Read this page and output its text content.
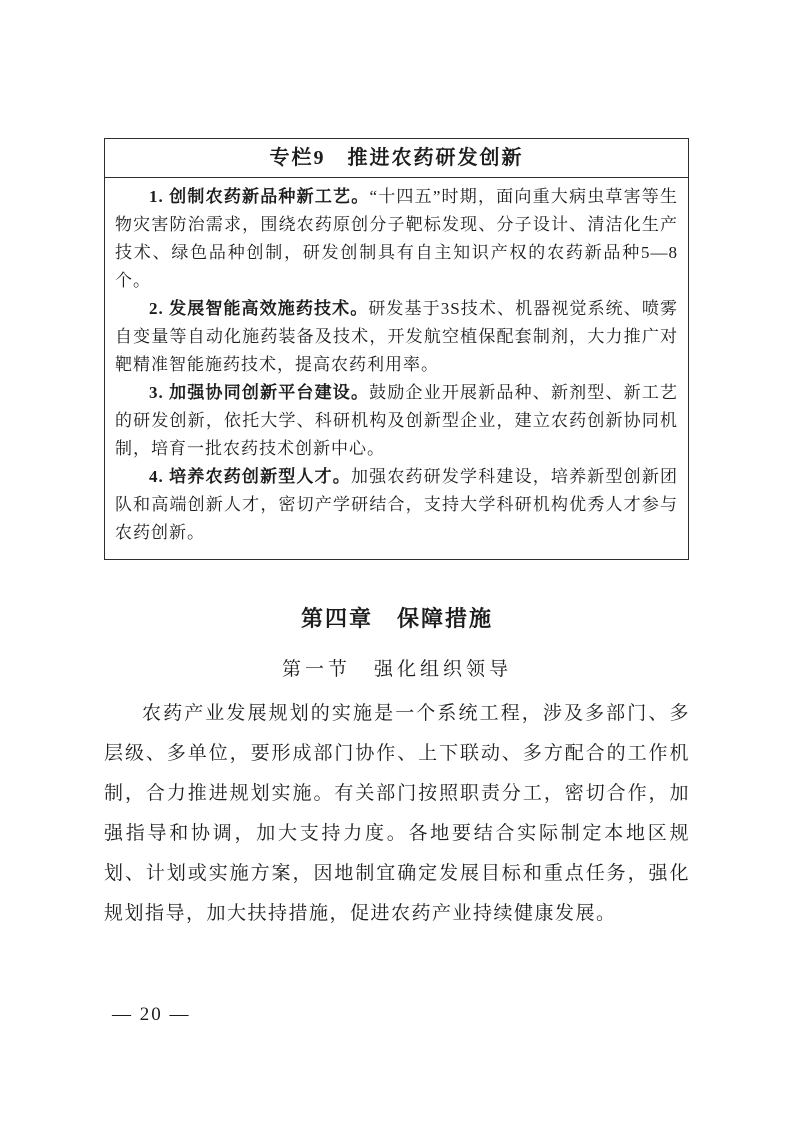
专栏9　推进农药研发创新

1. 创制农药新品种新工艺。“十四五”时期，面向重大病虫草害等生物灾害防治需求，围绕农药原创分子靶标发现、分子设计、清洁化生产技术、绿色品种创制，研发创制具有自主知识产权的农药新品种5—8个。

2. 发展智能高效施药技术。研发基于3S技术、机器视觉系统、喷雾自变量等自动化施药装备及技术，开发航空植保配套制剂，大力推广对靶精准智能施药技术，提高农药利用率。

3. 加强协同创新平台建设。鼓励企业开展新品种、新剂型、新工艺的研发创新，依托大学、科研机构及创新型企业，建立农药创新协同机制，培育一批农药技术创新中心。

4. 培养农药创新型人才。加强农药研发学科建设，培养新型创新团队和高端创新人才，密切产学研结合，支持大学科研机构优秀人才参与农药创新。

第四章　保障措施
第一节　强化组织领导

农药产业发展规划的实施是一个系统工程，涉及多部门、多层级、多单位，要形成部门协作、上下联动、多方配合的工作机制，合力推进规划实施。有关部门按照职责分工，密切合作，加强指导和协调，加大支持力度。各地要结合实际制定本地区规划、计划或实施方案，因地制宜确定发展目标和重点任务，强化规划指导，加大扶持措施，促进农药产业持续健康发展。

— 20 —
